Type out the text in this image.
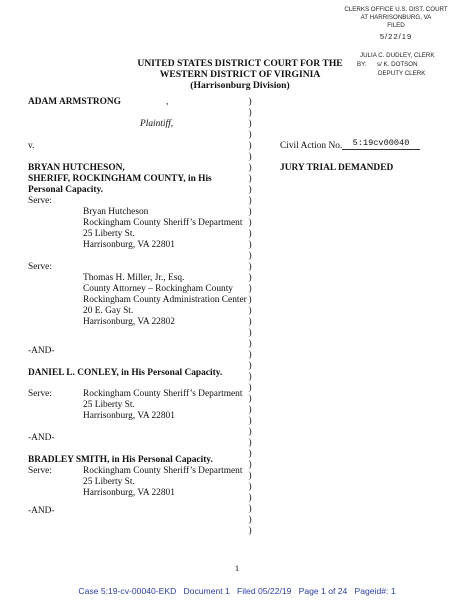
CLERKS OFFICE U.S. DIST. COURT
AT HARRISONBURG, VA
FILED
5/22/19
JULIA C. DUDLEY, CLERK
BY: s/ K. DOTSON
DEPUTY CLERK
UNITED STATES DISTRICT COURT FOR THE
WESTERN DISTRICT OF VIRGINIA
(Harrisonburg Division)
ADAM ARMSTRONG	,
Plaintiff,
v.
BRYAN HUTCHESON,
SHERIFF, ROCKINGHAM COUNTY, in His
Personal Capacity.
Serve:
Bryan Hutcheson
Rockingham County Sheriff’s Department
25 Liberty St.
Harrisonburg, VA 22801
Serve:
Thomas H. Miller, Jr., Esq.
County Attorney – Rockingham County
Rockingham County Administration Center
20 E. Gay St.
Harrisonburg, VA 22802
-AND-
DANIEL L. CONLEY, in His Personal Capacity.
Serve:	Rockingham County Sheriff’s Department
25 Liberty St.
Harrisonburg, VA 22801
-AND-
BRADLEY SMITH, in His Personal Capacity.
Serve:	Rockingham County Sheriff’s Department
25 Liberty St.
Harrisonburg, VA 22801
-AND-
)
)
)
)
)
)
)
)
)
)
)
)
)
)
)
)
)
)
)
)
)
)
)
)
)
)
)
)
)
)
)
)
)
)
)
)
)
)
)
)
Civil Action No.	5:19cv00040
JURY TRIAL DEMANDED
1
Case 5:19-cv-00040-EKD   Document 1   Filed 05/22/19   Page 1 of 24   Pageid#: 1
